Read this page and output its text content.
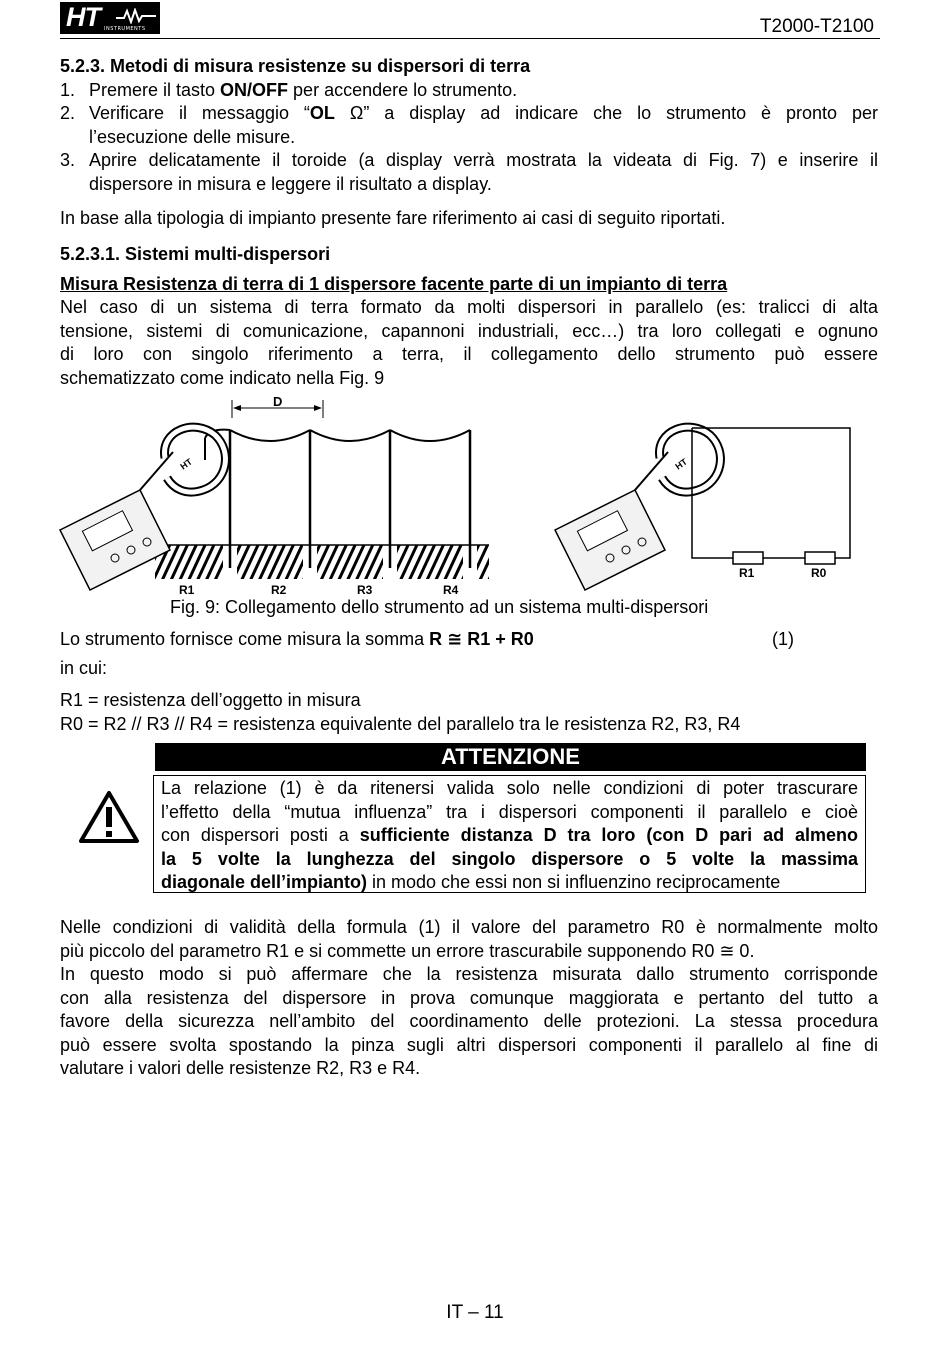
HT INSTRUMENTS	T2000-T2100
5.2.3. Metodi di misura resistenze su dispersori di terra
1. Premere il tasto ON/OFF per accendere lo strumento.
2. Verificare il messaggio “OL Ω” a display ad indicare che lo strumento è pronto per
l’esecuzione delle misure.
3. Aprire delicatamente il toroide (a display verrà mostrata la videata di Fig. 7) e inserire il
dispersore in misura e leggere il risultato a display.
In base alla tipologia di impianto presente fare riferimento ai casi di seguito riportati.
5.2.3.1. Sistemi multi-dispersori
Misura Resistenza di terra di 1 dispersore facente parte di un impianto di terra
Nel caso di un sistema di terra formato da molti dispersori in parallelo (es: tralicci di alta
tensione, sistemi di comunicazione, capannoni industriali, ecc…) tra loro collegati e ognuno
di loro con singolo riferimento a terra, il collegamento dello strumento può essere
schematizzato come indicato nella Fig. 9
D
R1	R2	R3	R4
HT	HT
R1	R0
Fig. 9: Collegamento dello strumento ad un sistema multi-dispersori
Lo strumento fornisce come misura la somma R ≅ R1 + R0	(1)
in cui:
R1 = resistenza dell’oggetto in misura
R0 = R2 // R3 // R4 = resistenza equivalente del parallelo tra le resistenza R2, R3, R4
ATTENZIONE
La relazione (1) è da ritenersi valida solo nelle condizioni di poter trascurare
l’effetto della “mutua influenza” tra i dispersori componenti il parallelo e cioè
con dispersori posti a sufficiente distanza D tra loro (con D pari ad almeno
la 5 volte la lunghezza del singolo dispersore o 5 volte la massima
diagonale dell’impianto) in modo che essi non si influenzino reciprocamente
Nelle condizioni di validità della formula (1) il valore del parametro R0 è normalmente molto
più piccolo del parametro R1 e si commette un errore trascurabile supponendo R0 ≅ 0.
In questo modo si può affermare che la resistenza misurata dallo strumento corrisponde
con alla resistenza del dispersore in prova comunque maggiorata e pertanto del tutto a
favore della sicurezza nell’ambito del coordinamento delle protezioni. La stessa procedura
può essere svolta spostando la pinza sugli altri dispersori componenti il parallelo al fine di
valutare i valori delle resistenze R2, R3 e R4.
IT – 11
